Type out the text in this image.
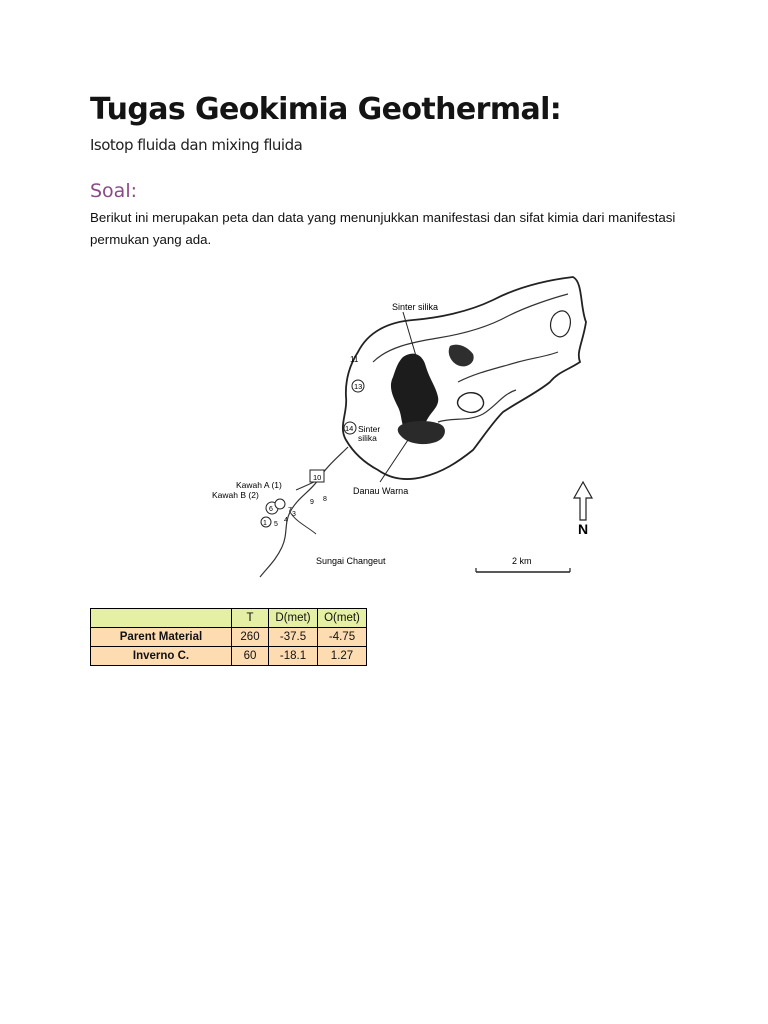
Tugas Geokimia Geothermal:
Isotop fluida dan mixing fluida
Soal:
Berikut ini merupakan peta dan data yang menunjukkan manifestasi dan sifat kimia dari manifestasi permukan yang ada.
Sinter silika
Sinter
silika
Danau Warna
Kawah A (1)
Kawah B (2)
Sungai Changeut	2 km
N
11
13
14
10
9 8
7
6
5
4
3
1
	T	D(met)	O(met)
Parent Material	260	-37.5	-4.75
Inverno C.	60	-18.1	1.27
